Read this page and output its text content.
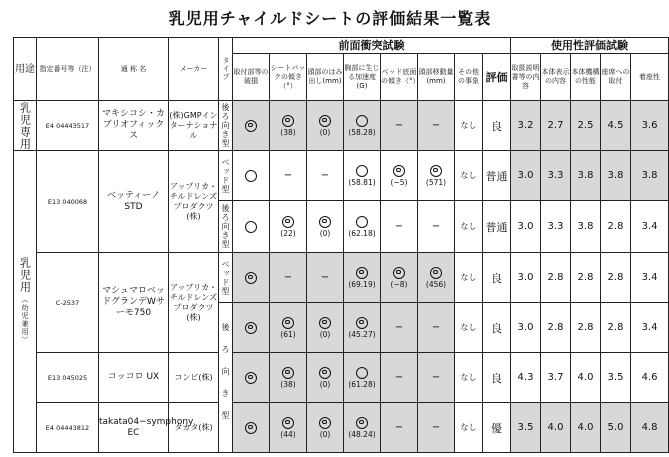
乳児用チャイルドシートの評価結果一覧表
用途	指定番号等（注）	通 称 名	メーカー	タイプ	前面衝突試験								使用性評価試験				
					取付部等の破損	シートバックの傾き（°）	頭部のはみ出し(mm)	胸部に生じる加速度(G)	ベッド底面の傾き（°）	頭部移動量(mm)	その他の事象	評価	取扱説明書等の内容	本体表示の内容	本体機構の性能	座席への取付	着座性
乳児専用	E4 04443517	マキシコシ・カブリオフィックス	(株)GMPインターナショナル	後ろ向き型		(38)	(0)	(58.28)	−	−	なし	良	3.2	2.7	2.5	4.5	3.6
乳児用 （幼児兼用）	E13 040068	ベッティーノSTD	アップリカ・チルドレンズプロダクツ(株)	ベッド型		−	−	(58.81)	(−5)	(571)	なし	普通	3.0	3.3	3.8	3.8	3.8
				後ろ向き型		(22)	(0)	(62.18)	−	−	なし	普通	3.0	3.3	3.8	2.8	3.4
	C-2537	マシュマロベッドグランデWサーモ750	アップリカ・チルドレンズプロダクツ(株)	ベッド型		−	−	(69.19)	(−8)	(456)	なし	良	3.0	2.8	2.8	2.8	3.4
				後ろ向き型		(61)	(0)	(45.27)	−	−	なし	良	3.0	2.8	2.8	2.8	3.4
	E13 045025	コッコロ UX	コンビ(株)			(38)	(0)	(61.28)	−	−	なし	良	4.3	3.7	4.0	3.5	4.6
	E4 04443812	takata04−symphony EC	タカタ(株)			(44)	(0)	(48.24)	−	−	なし	優	3.5	4.0	4.0	5.0	4.8
